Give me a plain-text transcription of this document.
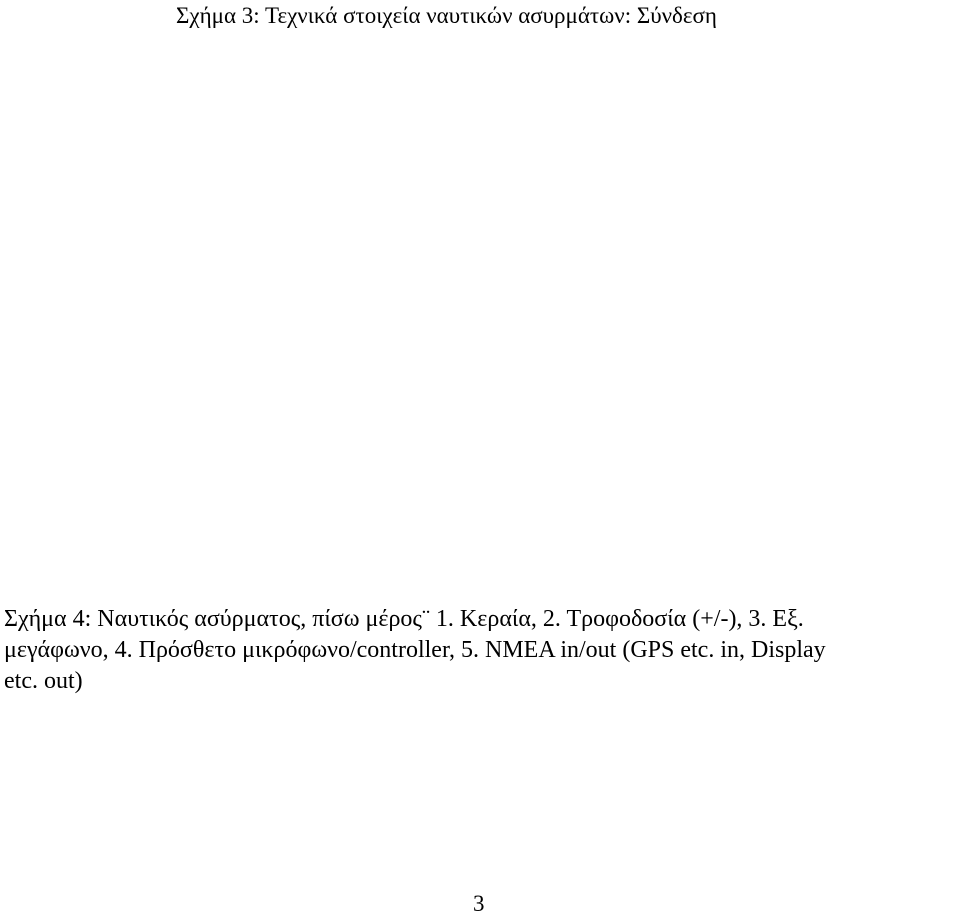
Σχήμα 3: Τεχνικά στοιχεία ναυτικών ασυρμάτων: Σύνδεση
Σχήμα 4: Ναυτικός ασύρματος, πίσω μέρος¨ 1. Κεραία, 2. Τροφοδοσία (+/-), 3. Εξ.
μεγάφωνο, 4. Πρόσθετο μικρόφωνο/controller, 5. NMEA in/out (GPS etc. in, Display
etc. out)
3
